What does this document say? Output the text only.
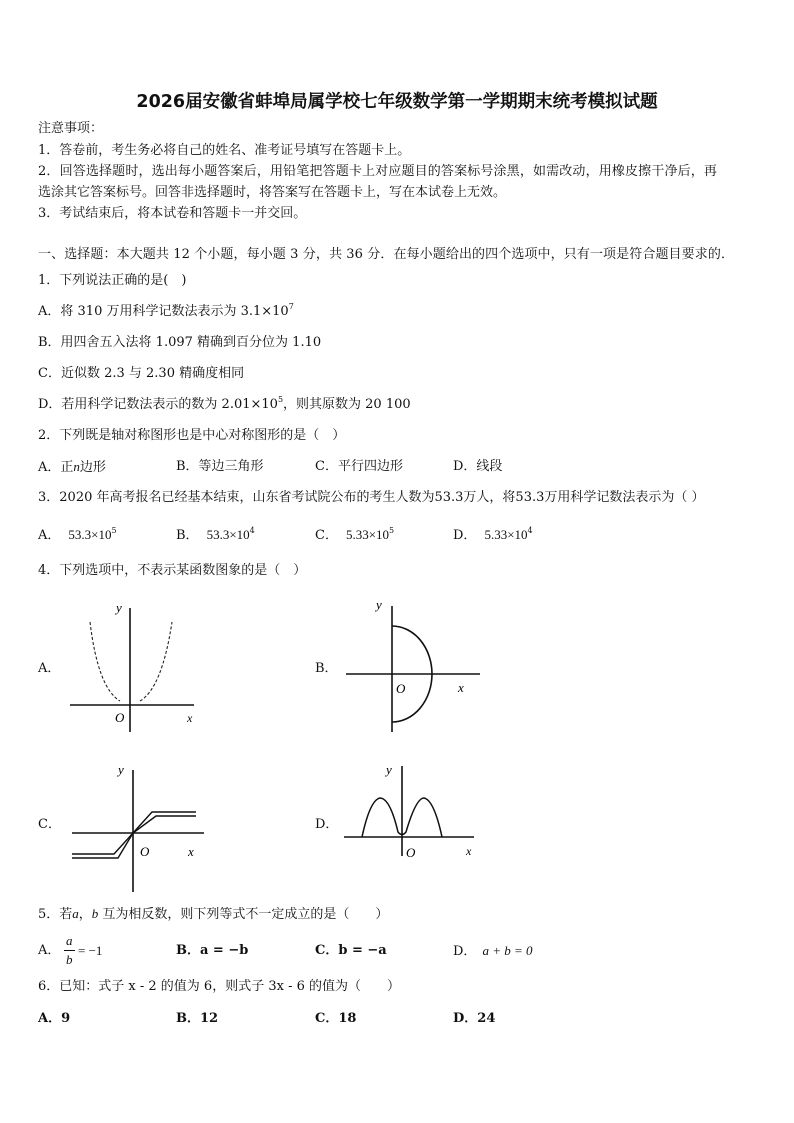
2026届安徽省蚌埠局属学校七年级数学第一学期期末统考模拟试题
注意事项：
1．答卷前，考生务必将自己的姓名、准考证号填写在答题卡上。
2．回答选择题时，选出每小题答案后，用铅笔把答题卡上对应题目的答案标号涂黑，如需改动，用橡皮擦干净后，再
选涂其它答案标号。回答非选择题时，将答案写在答题卡上，写在本试卷上无效。
3．考试结束后，将本试卷和答题卡一并交回。
一、选择题：本大题共 12 个小题，每小题 3 分，共 36 分．在每小题给出的四个选项中，只有一项是符合题目要求的．
1．下列说法正确的是(　)
A．将 310 万用科学记数法表示为 $3.1\times 10^7$
B．用四舍五入法将 1.097 精确到百分位为 1.10
C．近似数 2.3 与 2.30 精确度相同
D．若用科学记数法表示的数为 $2.01\times 10^5$，则其原数为 20 100
2．下列既是轴对称图形也是中心对称图形的是（　）
A．正n边形	B．等边三角形	C．平行四边形	D．线段
3．2020 年高考报名已经基本结束，山东省考试院公布的考生人数为53.3万人，将53.3万用科学记数法表示为（ ）
A． $53.3\times 10^5$	B． $53.3\times 10^4$	C． $5.33\times 10^5$	D． $5.33\times 10^4$
4．下列选项中，不表示某函数图象的是（　）
A．
y
O	x
B．
y
O	x
C．
y
O	x
D．
y
O	x
5．若a，b 互为相反数，则下列等式不一定成立的是（　　）
A．
a
b
= −1	B．a = −b	C．b = −a	D． a + b = 0
6．已知：式子 x - 2 的值为 6，则式子 3x - 6 的值为（　　）
A．9	B．12	C．18	D．24
